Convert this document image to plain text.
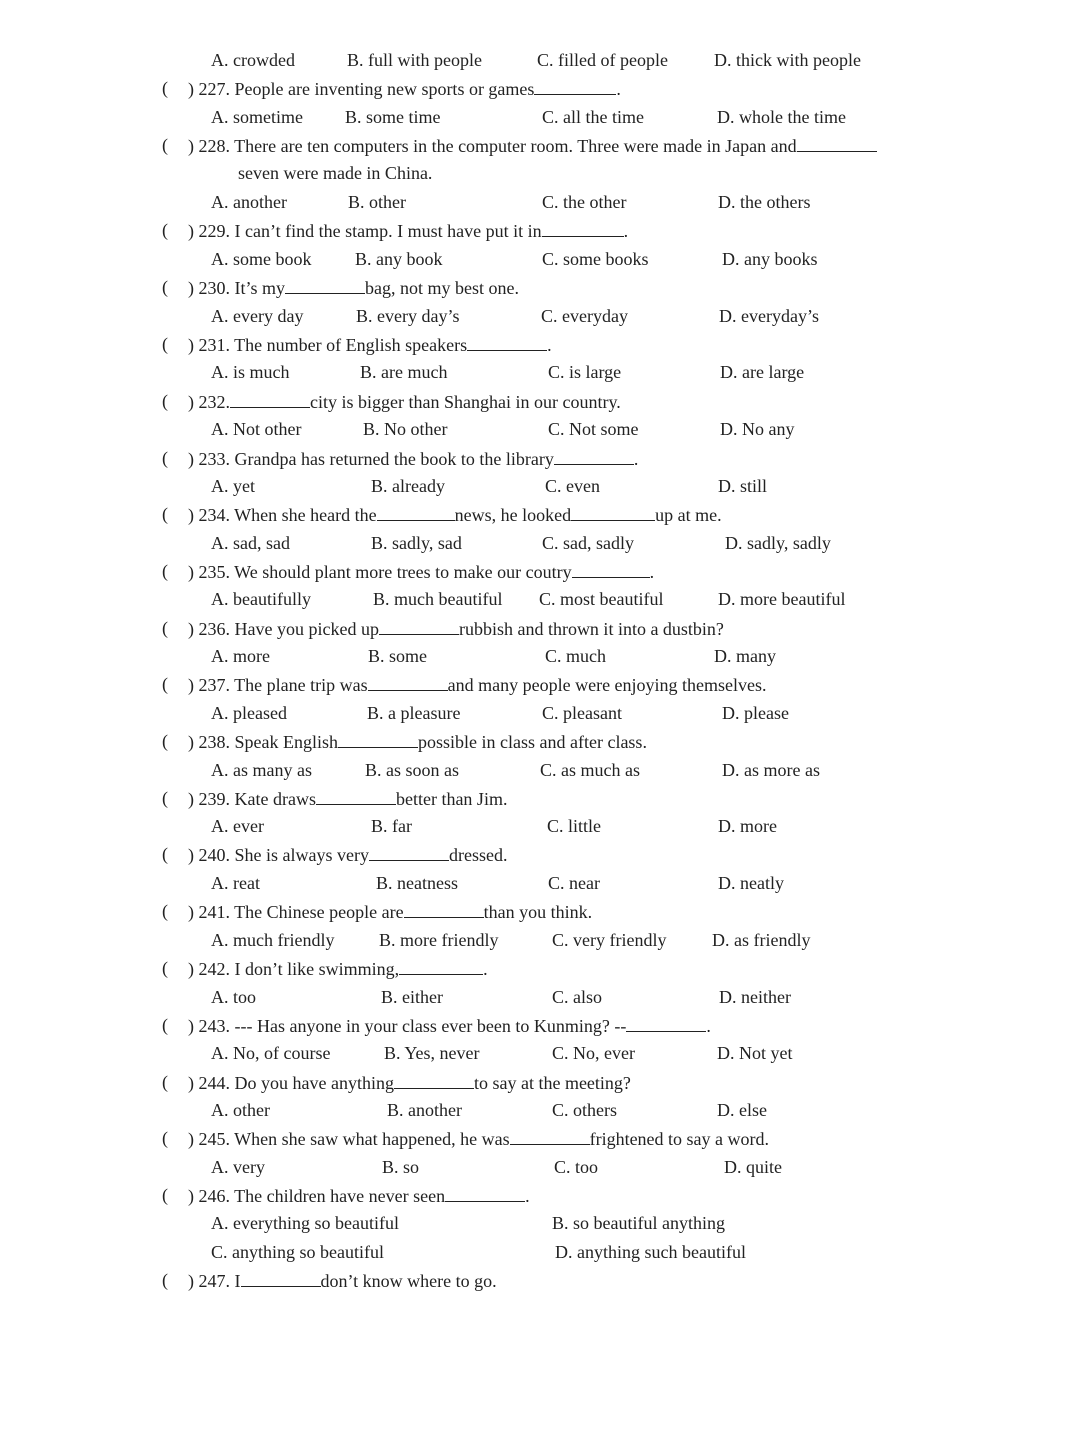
A. crowded	B. full with people	C. filled of people	D. thick with people
( ) 227. People are inventing new sports or games	.
A. sometime B. some time	C. all the time	D. whole the time
( ) 228. There are ten computers in the computer room. Three were made in Japan and
seven were made in China.
A. another	B. other	C. the other	D. the others
( ) 229. I can’t find the stamp. I must have put it in	.
A. some book B. any book	C. some books	D. any books
( ) 230. It’s my	bag, not my best one.
A. every day	B. every day’s	C. everyday	D. everyday’s
( ) 231. The number of English speakers	.
A. is much	B. are much	C. is large	D. are large
( ) 232.	city is bigger than Shanghai in our country.
A. Not other	B. No other	C. Not some	D. No any
( ) 233. Grandpa has returned the book to the library	.
A. yet	B. already	C. even	D. still
( ) 234. When she heard the	news, he looked	up at me.
A. sad, sad	B. sadly, sad	C. sad, sadly	D. sadly, sadly
( ) 235. We should plant more trees to make our coutry	.
A. beautifully	B. much beautiful C. most beautiful	D. more beautiful
( ) 236. Have you picked up	rubbish and thrown it into a dustbin?
A. more	B. some	C. much	D. many
( ) 237. The plane trip was	and many people were enjoying themselves.
A. pleased	B. a pleasure	C. pleasant	D. please
( ) 238. Speak English	possible in class and after class.
A. as many as	B. as soon as	C. as much as	D. as more as
( ) 239. Kate draws	better than Jim.
A. ever	B. far	C. little	D. more
( ) 240. She is always very	dressed.
A. reat	B. neatness	C. near	D. neatly
( ) 241. The Chinese people are	than you think.
A. much friendly B. more friendly	C. very friendly	D. as friendly
( ) 242. I don’t like swimming,	.
A. too	B. either	C. also	D. neither
( ) 243. --- Has anyone in your class ever been to Kunming? --	.
A. No, of course	B. Yes, never	C. No, ever	D. Not yet
( ) 244. Do you have anything	to say at the meeting?
A. other	B. another	C. others	D. else
( ) 245. When she saw what happened, he was	frightened to say a word.
A. very	B. so	C. too	D. quite
( ) 246. The children have never seen	.
A. everything so beautiful	B. so beautiful anything
C. anything so beautiful	D. anything such beautiful
( ) 247. I	don’t know where to go.
